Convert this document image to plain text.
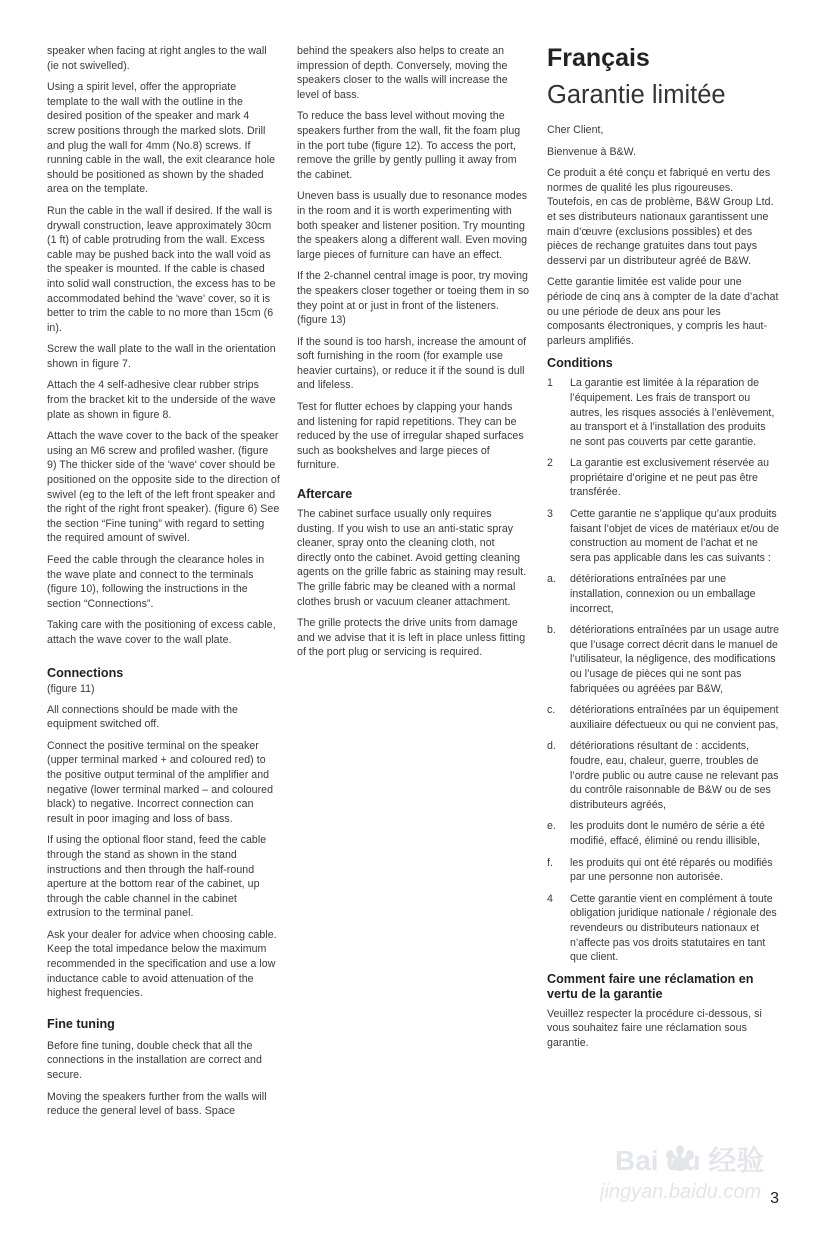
speaker when facing at right angles to the wall (ie not swivelled).

Using a spirit level, offer the appropriate template to the wall with the outline in the desired position of the speaker and mark 4 screw positions through the marked slots. Drill and plug the wall for 4mm (No.8) screws. If running cable in the wall, the exit clearance hole should be positioned as shown by the shaded area on the template.

Run the cable in the wall if desired. If the wall is drywall construction, leave approximately 30cm (1 ft) of cable protruding from the wall. Excess cable may be pushed back into the wall void as the speaker is mounted. If the cable is chased into solid wall construction, the excess has to be accommodated behind the 'wave' cover, so it is better to trim the cable to no more than 15cm (6 in).

Screw the wall plate to the wall in the orientation shown in figure 7.

Attach the 4 self-adhesive clear rubber strips from the bracket kit to the underside of the wave plate as shown in figure 8.

Attach the wave cover to the back of the speaker using an M6 screw and profiled washer. (figure 9) The thicker side of the 'wave' cover should be positioned on the opposite side to the direction of swivel (eg to the left of the left front speaker and the right of the right front speaker). (figure 6) See the section “Fine tuning” with regard to setting the required amount of swivel.

Feed the cable through the clearance holes in the wave plate and connect to the terminals (figure 10), following the instructions in the section “Connections”.

Taking care with the positioning of excess cable, attach the wave cover to the wall plate.

Connections

(figure 11)

All connections should be made with the equipment switched off.

Connect the positive terminal on the speaker (upper terminal marked + and coloured red) to the positive output terminal of the amplifier and negative (lower terminal marked – and coloured black) to negative. Incorrect connection can result in poor imaging and loss of bass.

If using the optional floor stand, feed the cable through the stand as shown in the stand instructions and then through the half-round aperture at the bottom rear of the cabinet, up through the cable channel in the cabinet extrusion to the terminal panel.

Ask your dealer for advice when choosing cable. Keep the total impedance below the maximum recommended in the specification and use a low inductance cable to avoid attenuation of the highest frequencies.

Fine tuning

Before fine tuning, double check that all the connections in the installation are correct and secure.

Moving the speakers further from the walls will reduce the general level of bass. Space

behind the speakers also helps to create an impression of depth. Conversely, moving the speakers closer to the walls will increase the level of bass.

To reduce the bass level without moving the speakers further from the wall, fit the foam plug in the port tube (figure 12). To access the port, remove the grille by gently pulling it away from the cabinet.

Uneven bass is usually due to resonance modes in the room and it is worth experimenting with both speaker and listener position. Try mounting the speakers along a different wall. Even moving large pieces of furniture can have an effect.

If the 2-channel central image is poor, try moving the speakers closer together or toeing them in so they point at or just in front of the listeners. (figure 13)

If the sound is too harsh, increase the amount of soft furnishing in the room (for example use heavier curtains), or reduce it if the sound is dull and lifeless.

Test for flutter echoes by clapping your hands and listening for rapid repetitions. They can be reduced by the use of irregular shaped surfaces such as bookshelves and large pieces of furniture.

Aftercare

The cabinet surface usually only requires dusting. If you wish to use an anti-static spray cleaner, spray onto the cleaning cloth, not directly onto the cabinet. Avoid getting cleaning agents on the grille fabric as staining may result. The grille fabric may be cleaned with a normal clothes brush or vacuum cleaner attachment.

The grille protects the drive units from damage and we advise that it is left in place unless fitting of the port plug or servicing is required.

Français
Garantie limitée

Cher Client,

Bienvenue à B&W.

Ce produit a été conçu et fabriqué en vertu des normes de qualité les plus rigoureuses. Toutefois, en cas de problème, B&W Group Ltd. et ses distributeurs nationaux garantissent une main d’œuvre (exclusions possibles) et des pièces de rechange gratuites dans tout pays desservi par un distributeur agréé de B&W.

Cette garantie limitée est valide pour une période de cinq ans à compter de la date d’achat ou une période de deux ans pour les composants électroniques, y compris les haut-parleurs amplifiés.

Conditions
1	La garantie est limitée à la réparation de l’équipement. Les frais de transport ou autres, les risques associés à l’enlèvement, au transport et à l’installation des produits ne sont pas couverts par cette garantie.
2	La garantie est exclusivement réservée au propriétaire d’origine et ne peut pas être transférée.
3	Cette garantie ne s’applique qu’aux produits faisant l’objet de vices de matériaux et/ou de construction au moment de l’achat et ne sera pas applicable dans les cas suivants :
a.	détériorations entraînées par une installation, connexion ou un emballage incorrect,
b.	détériorations entraînées par un usage autre que l’usage correct décrit dans le manuel de l’utilisateur, la négligence, des modifications ou l’usage de pièces qui ne sont pas fabriquées ou agréées par B&W,
c.	détériorations entraînées par un équipement auxiliaire défectueux ou qui ne convient pas,
d.	détériorations résultant de : accidents, foudre, eau, chaleur, guerre, troubles de l’ordre public ou autre cause ne relevant pas du contrôle raisonnable de B&W ou de ses distributeurs agréés,
e.	les produits dont le numéro de série a été modifié, effacé, éliminé ou rendu illisible,
f.	les produits qui ont été réparés ou modifiés par une personne non autorisée.
4	Cette garantie vient en complément à toute obligation juridique nationale / régionale des revendeurs ou distributeurs nationaux et n’affecte pas vos droits statutaires en tant que client.
Comment faire une réclamation en vertu de la garantie

Veuillez respecter la procédure ci-dessous, si vous souhaitez faire une réclamation sous garantie.

Bai du 经验
jingyan.baidu.com 3
